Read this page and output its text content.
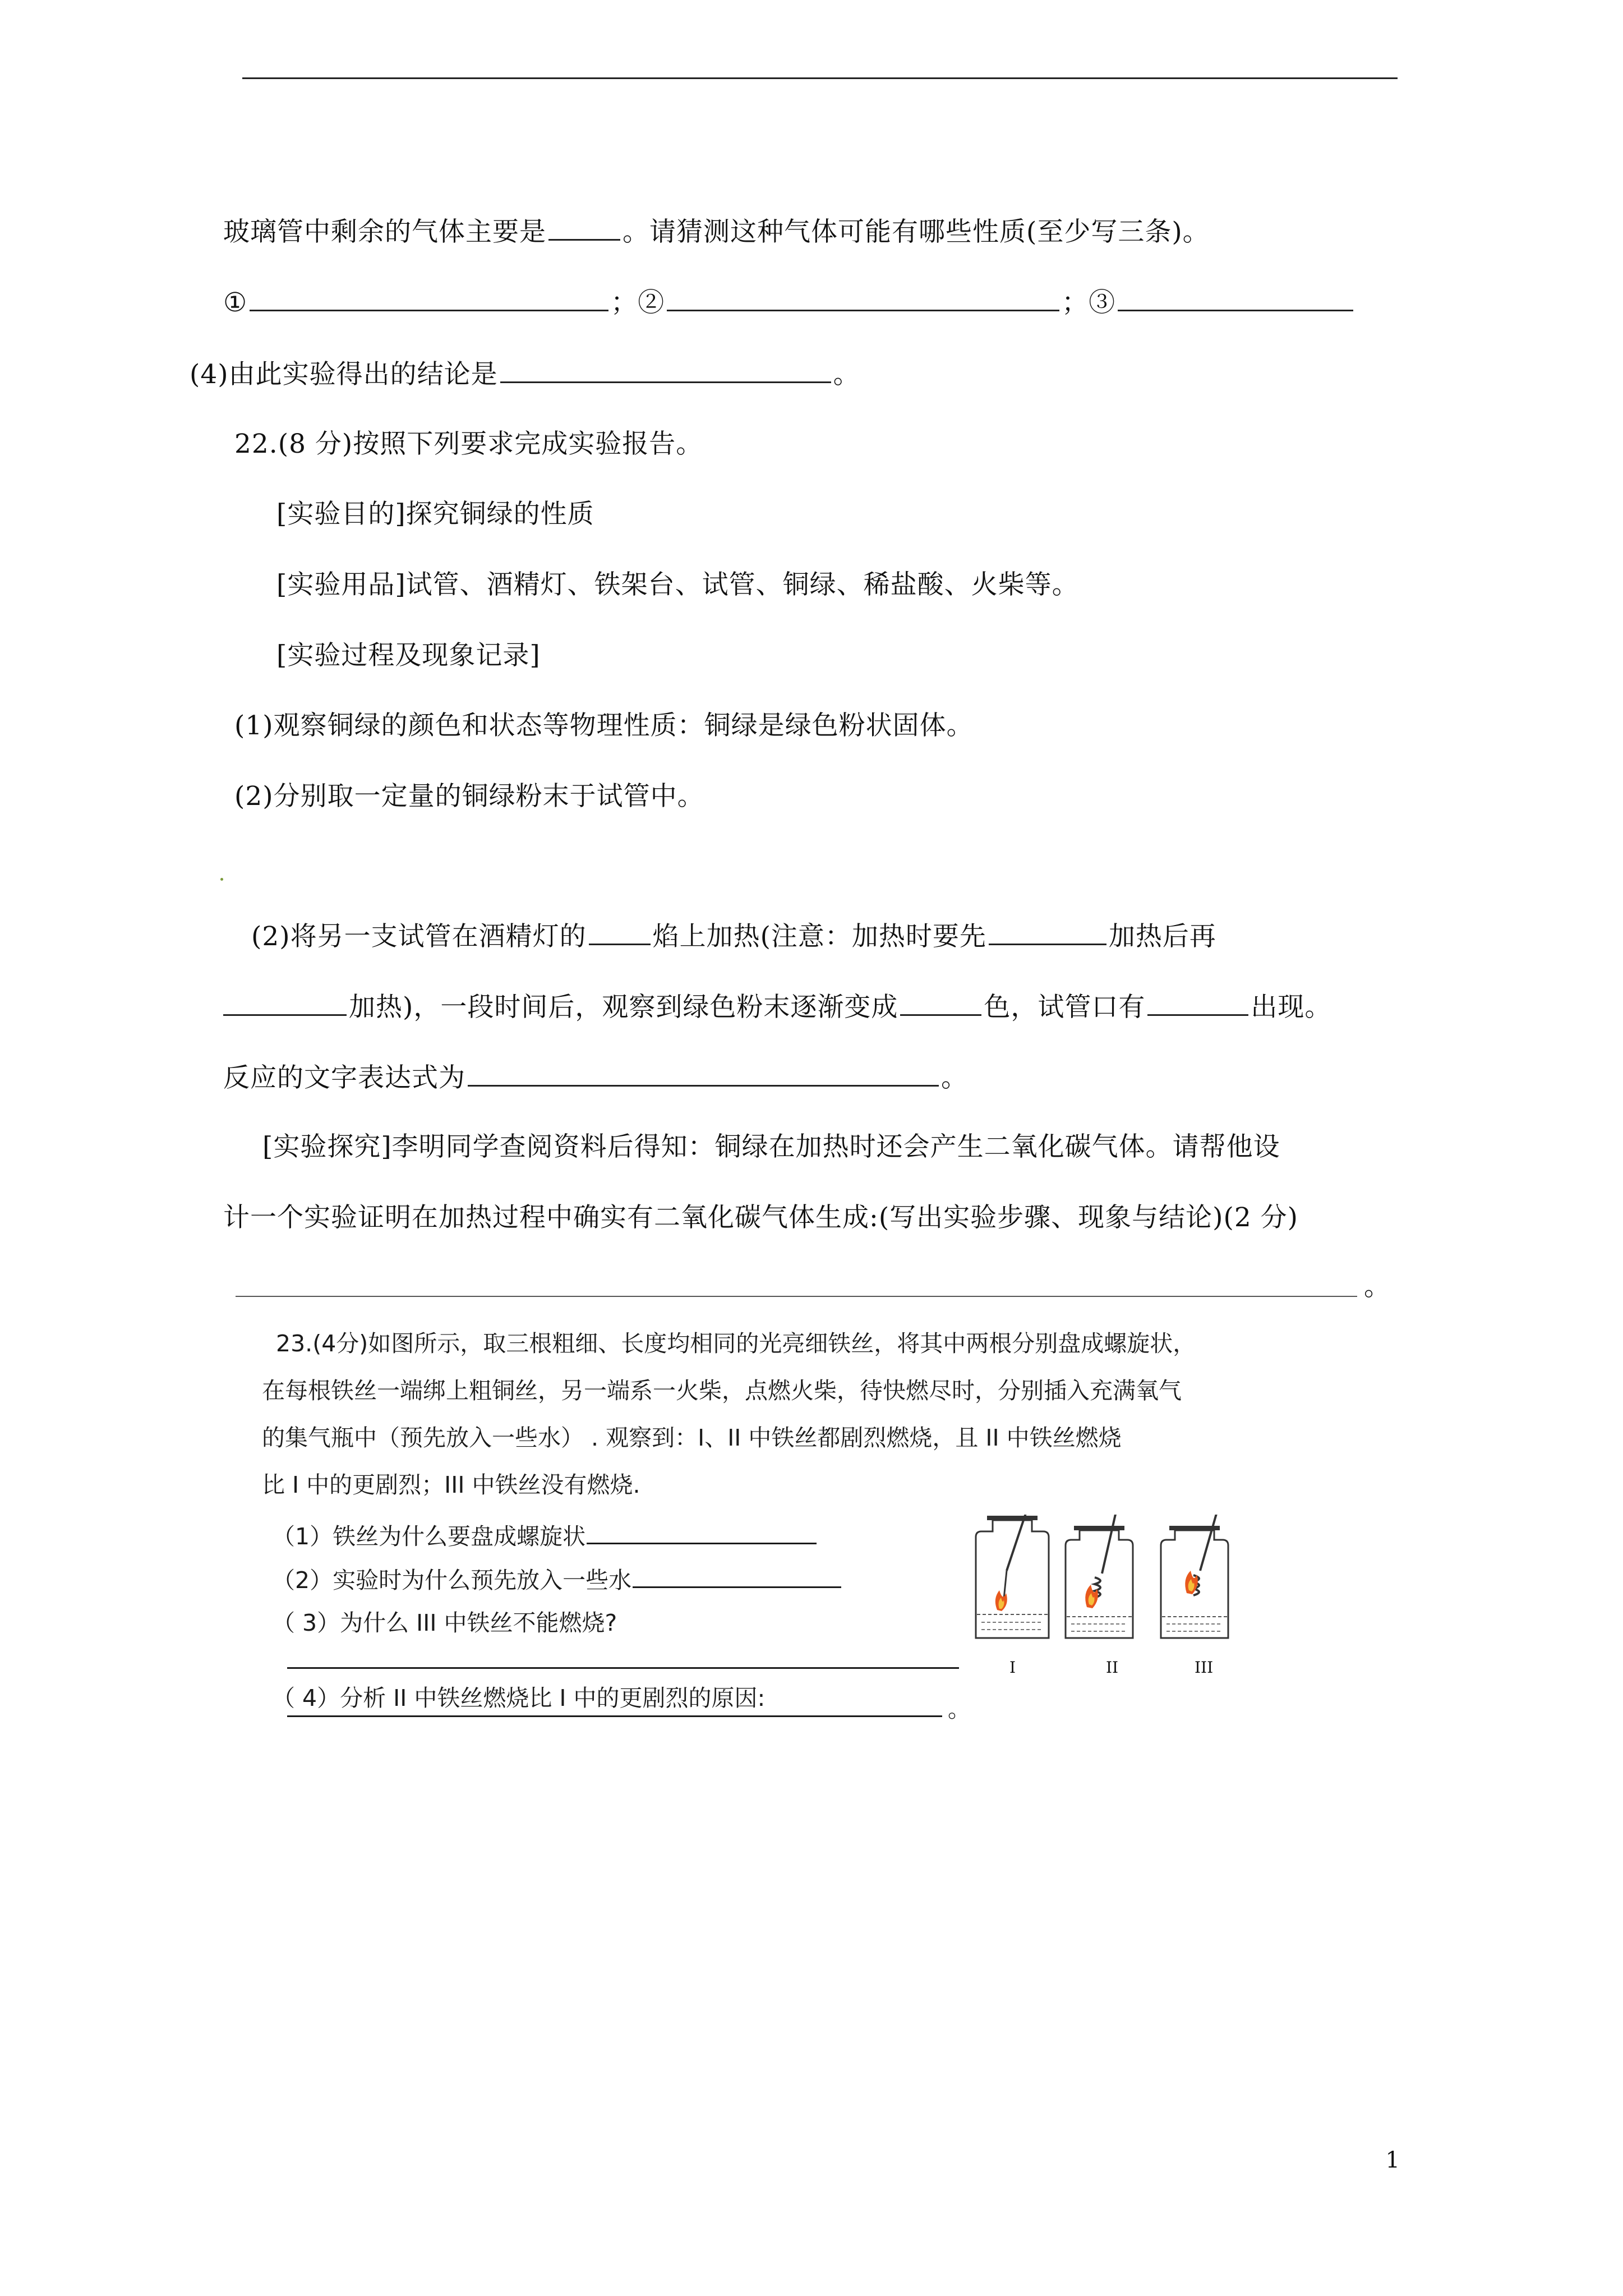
玻璃管中剩余的气体主要是	。请猜测这种气体可能有哪些性质(至少写三条)。
①	；②	；③
(4)由此实验得出的结论是	。
22.(8 分)按照下列要求完成实验报告。
[实验目的]探究铜绿的性质
[实验用品]试管、酒精灯、铁架台、试管、铜绿、稀盐酸、火柴等。
[实验过程及现象记录]
(1)观察铜绿的颜色和状态等物理性质：铜绿是绿色粉状固体。
(2)分别取一定量的铜绿粉末于试管中。
(2)将另一支试管在酒精灯的	焰上加热(注意：加热时要先	加热后再
加热)，一段时间后，观察到绿色粉末逐渐变成	色，试管口有	出现。
反应的文字表达式为	。
[实验探究]李明同学查阅资料后得知：铜绿在加热时还会产生二氧化碳气体。请帮他设
计一个实验证明在加热过程中确实有二氧化碳气体生成:(写出实验步骤、现象与结论)(2 分)
。
23.(4分)如图所示，取三根粗细、长度均相同的光亮细铁丝，将其中两根分别盘成螺旋状，
在每根铁丝一端绑上粗铜丝，另一端系一火柴，点燃火柴，待快燃尽时，分别插入充满氧气
的集气瓶中（预先放入一些水） . 观察到：I、II 中铁丝都剧烈燃烧，且 II 中铁丝燃烧
比 I 中的更剧烈；III 中铁丝没有燃烧.
（1）铁丝为什么要盘成螺旋状
（2）实验时为什么预先放入一些水
（ 3）为什么 III 中铁丝不能燃烧?
（ 4）分析 II 中铁丝燃烧比 I 中的更剧烈的原因:	。
I	II	III
1
